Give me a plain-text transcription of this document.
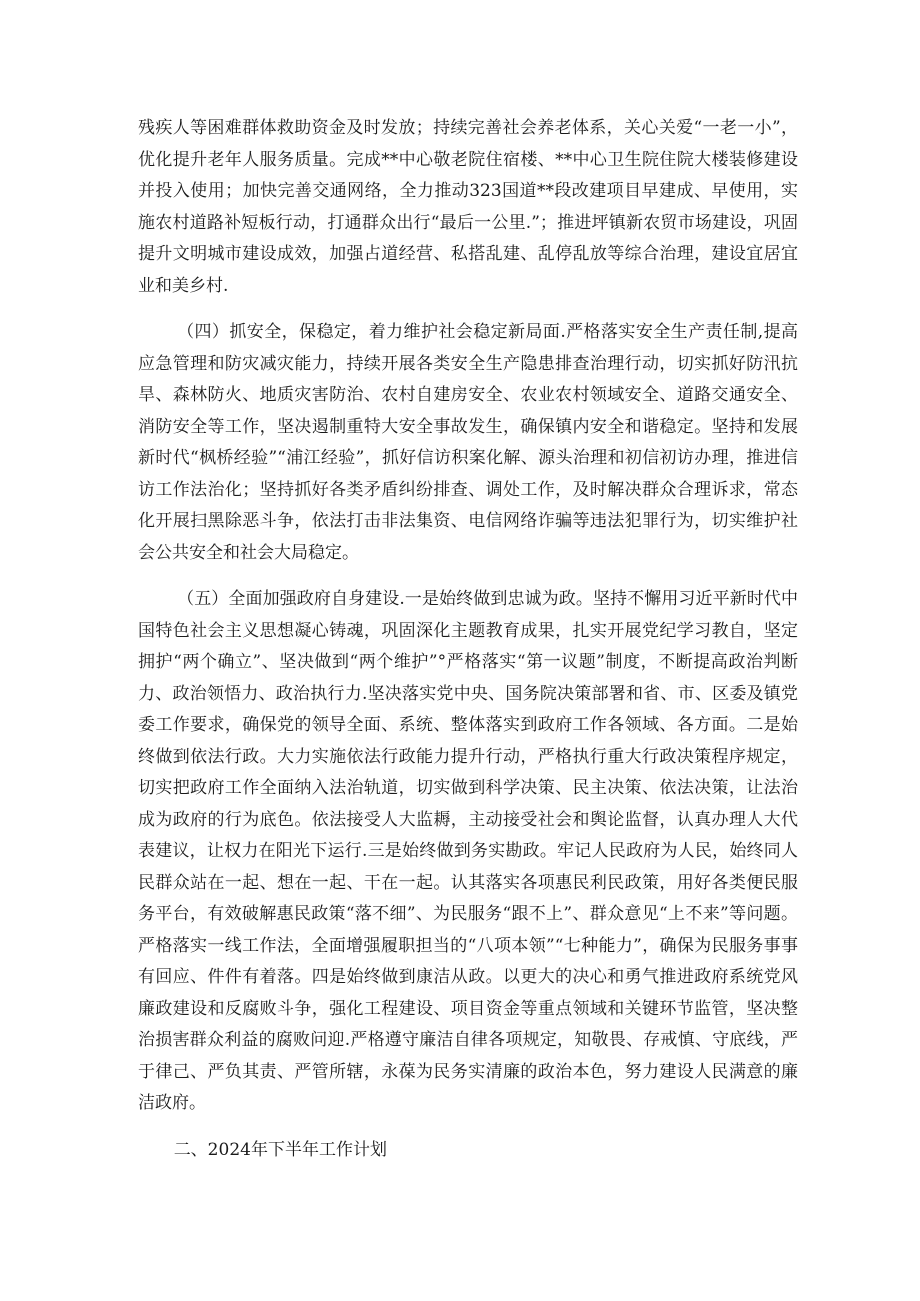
残疾人等困难群体救助资金及时发放；持续完善社会养老体系，关心关爱“一老一小”，优化提升老年人服务质量。完成**中心敬老院住宿楼、**中心卫生院住院大楼装修建设并投入使用；加快完善交通网络，全力推动323国道**段改建项目早建成、早使用，实施农村道路补短板行动，打通群众出行“最后一公里.”；推进坪镇新农贸市场建设，巩固提升文明城市建设成效，加强占道经营、私搭乱建、乱停乱放等综合治理，建设宜居宜业和美乡村.

（四）抓安全，保稳定，着力维护社会稳定新局面.严格落实安全生产责任制,提高应急管理和防灾减灾能力，持续开展各类安全生产隐患排查治理行动，切实抓好防汛抗旱、森林防火、地质灾害防治、农村自建房安全、农业农村领域安全、道路交通安全、消防安全等工作，坚决遏制重特大安全事故发生，确保镇内安全和谐稳定。坚持和发展新时代“枫桥经验”“浦江经验”，抓好信访积案化解、源头治理和初信初访办理，推进信访工作法治化；坚持抓好各类矛盾纠纷排查、调处工作，及时解决群众合理诉求，常态化开展扫黑除恶斗争，依法打击非法集资、电信网络诈骗等违法犯罪行为，切实维护社会公共安全和社会大局稳定。

（五）全面加强政府自身建设.一是始终做到忠诚为政。坚持不懈用习近平新时代中国特色社会主义思想凝心铸魂，巩固深化主题教育成果，扎实开展党纪学习教自，坚定拥护“两个确立”、坚决做到“两个维护”°严格落实“第一议题”制度，不断提高政治判断力、政治领悟力、政治执行力.坚决落实党中央、国务院决策部署和省、市、区委及镇党委工作要求，确保党的领导全面、系统、整体落实到政府工作各领域、各方面。二是始终做到依法行政。大力实施依法行政能力提升行动，严格执行重大行政决策程序规定，切实把政府工作全面纳入法治轨道，切实做到科学决策、民主决策、依法决策，让法治成为政府的行为底色。依法接受人大监耨，主动接受社会和舆论监督，认真办理人大代表建议，让权力在阳光下运行.三是始终做到务实勘政。牢记人民政府为人民，始终同人民群众站在一起、想在一起、干在一起。认其落实各项惠民利民政策，用好各类便民服务平台，有效破解惠民政策“落不细”、为民服务“跟不上”、群众意见“上不来”等问题。严格落实一线工作法，全面增强履职担当的“八项本领”“七种能力”，确保为民服务事事有回应、件件有着落。四是始终做到康洁从政。以更大的决心和勇气推进政府系统党风廉政建设和反腐败斗争，强化工程建设、项目资金等重点领域和关键环节监管，坚决整治损害群众利益的腐败问迎.严格遵守廉洁自律各项规定，知敬畏、存戒慎、守底线，严于律己、严负其责、严管所辖，永葆为民务实清廉的政治本色，努力建设人民满意的廉洁政府。

二、2024年下半年工作计划
